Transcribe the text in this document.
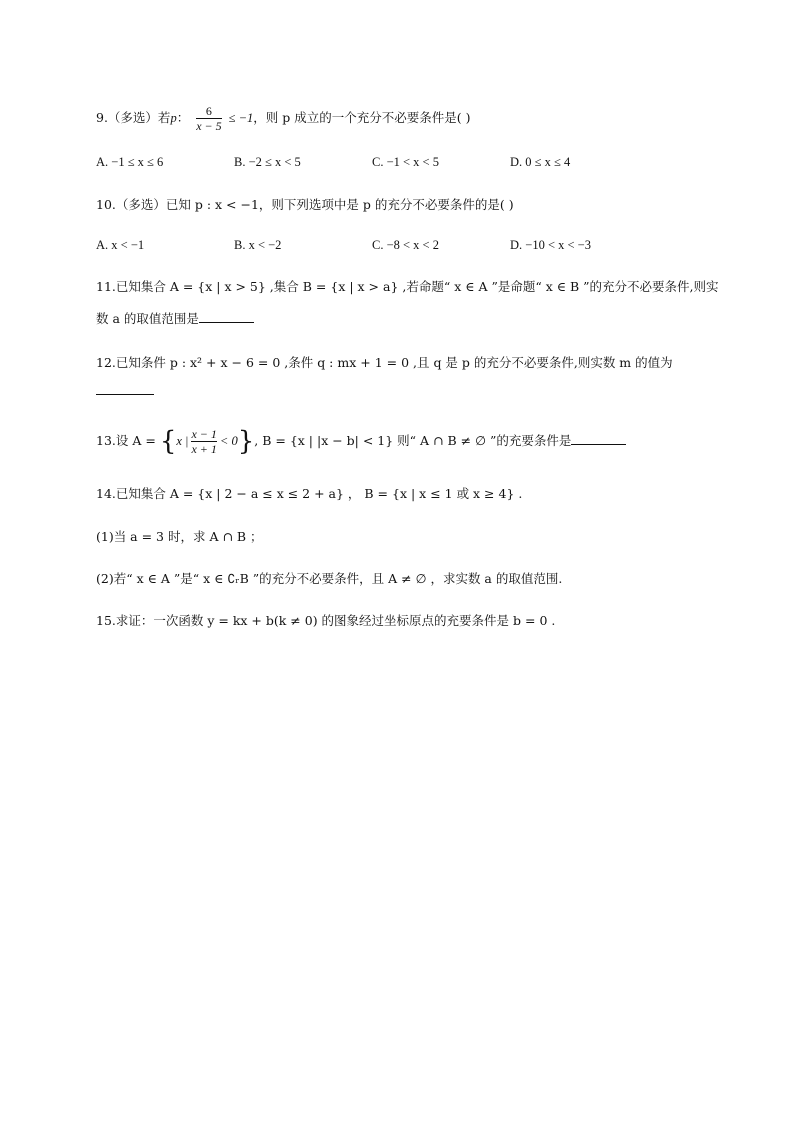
9.（多选）若p： $\frac{6}{x - 5} \le -1$，则 p 成立的一个充分不必要条件是( )
A. −1 ≤ x ≤ 6	B. −2 ≤ x < 5	C. −1 < x < 5	D. 0 ≤ x ≤ 4
10.（多选）已知 p : x < −1，则下列选项中是 p 的充分不必要条件的是( )
A. x < −1	B. x < −2	C. −8 < x < 2	D. −10 < x < −3
11.已知集合 A = {x | x > 5} ,集合 B = {x | x > a} ,若命题“ x ∈ A ”是命题“ x ∈ B ”的充分不必要条件,则实
数 a 的取值范围是
12.已知条件 p : x² + x − 6 = 0 ,条件 q : mx + 1 = 0 ,且 q 是 p 的充分不必要条件,则实数 m 的值为
13.设 A = {x | $\frac{x - 1}{x + 1} < 0$}, B = {x | |x − b| < 1} 则“ A ∩ B ≠ ∅ ”的充要条件是
14.已知集合 A = {x | 2 − a ≤ x ≤ 2 + a} ， B = {x | x ≤ 1 或 x ≥ 4} .
(1)当 a = 3 时，求 A ∩ B ；
(2)若“ x ∈ A ”是“ x ∈ ∁ᵣB ”的充分不必要条件，且 A ≠ ∅ ，求实数 a 的取值范围.
15.求证：一次函数 y = kx + b(k ≠ 0) 的图象经过坐标原点的充要条件是 b = 0 .
